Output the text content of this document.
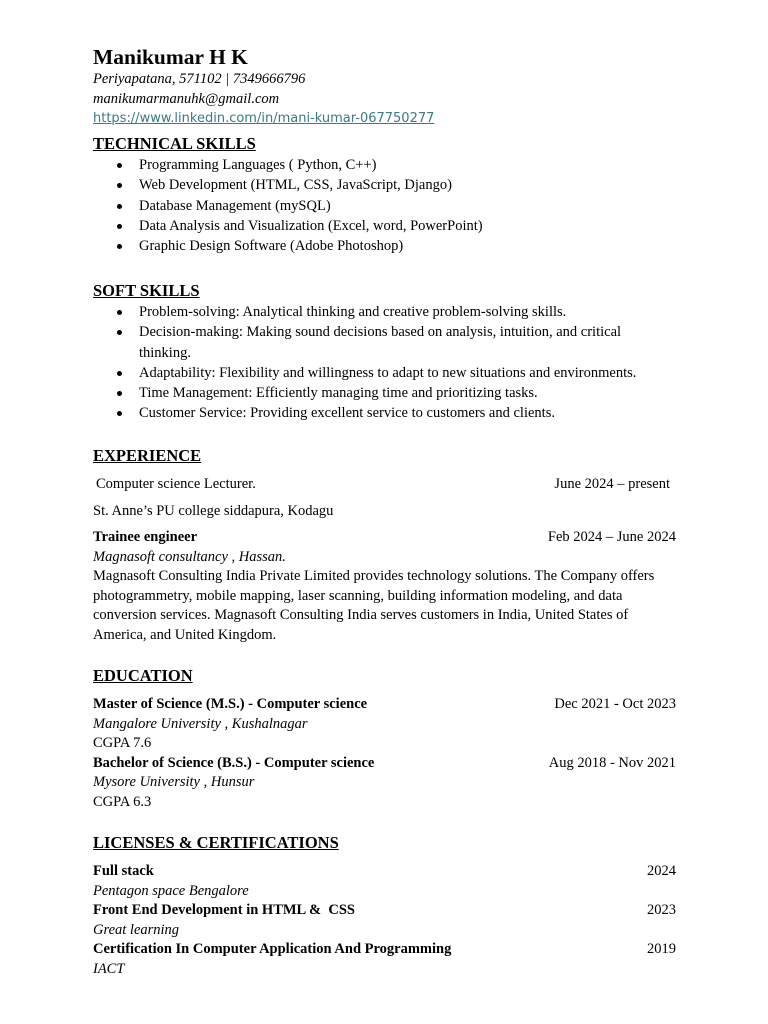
Manikumar H K
Periyapatana, 571102 | 7349666796
manikumarmanuhk@gmail.com
https://www.linkedin.com/in/mani-kumar-067750277
TECHNICAL SKILLS
Programming Languages ( Python, C++)
Web Development (HTML, CSS, JavaScript, Django)
Database Management (mySQL)
Data Analysis and Visualization (Excel, word, PowerPoint)
Graphic Design Software (Adobe Photoshop)
SOFT SKILLS
Problem-solving: Analytical thinking and creative problem-solving skills.
Decision-making: Making sound decisions based on analysis, intuition, and critical thinking.
Adaptability: Flexibility and willingness to adapt to new situations and environments.
Time Management: Efficiently managing time and prioritizing tasks.
Customer Service: Providing excellent service to customers and clients.
EXPERIENCE
Computer science Lecturer.	June 2024 – present
St. Anne’s PU college siddapura, Kodagu
Trainee engineer	Feb 2024 – June 2024
Magnasoft consultancy , Hassan.
Magnasoft Consulting India Private Limited provides technology solutions. The Company offers photogrammetry, mobile mapping, laser scanning, building information modeling, and data conversion services. Magnasoft Consulting India serves customers in India, United States of America, and United Kingdom.
EDUCATION
Master of Science (M.S.) - Computer science	Dec 2021 - Oct 2023
Mangalore University , Kushalnagar
CGPA 7.6
Bachelor of Science (B.S.) - Computer science	Aug 2018 - Nov 2021
Mysore University , Hunsur
CGPA 6.3
LICENSES & CERTIFICATIONS
Full stack	2024
Pentagon space Bengalore
Front End Development in HTML &  CSS	2023
Great learning
Certification In Computer Application And Programming	2019
IACT
